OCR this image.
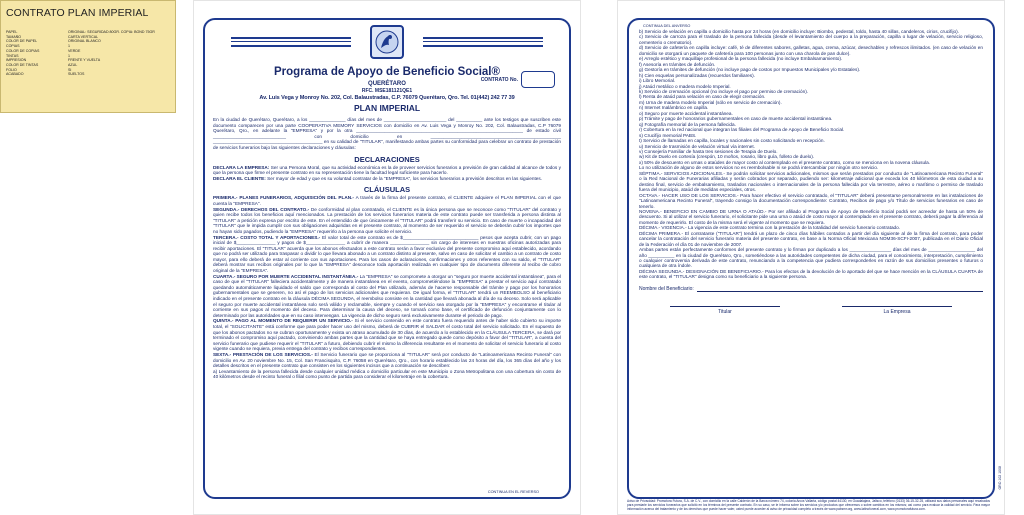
CONTRATO PLAN IMPERIAL
PAPEL	ORIGINAL: SEGURIDAD 80GR. COPIA: BOND 75GR
TAMAÑO	CARTA VERTICAL
COLOR DE PAPEL	ORIGINAL BLANCO
COPIAS	1
COLOR DE COPIAS	VERDE
TINTAS	1
IMPRESIÓN	FRENTE Y VUELTA
COLOR DE TINTAS	AZUL
FOLIO	SI
ACABADO	SUELTOS	Programa de Apoyo de Beneficio Social®
QUERÉTARO
RFC. MSE181121QE1
Av. Luis Vega y Monroy No. 202, Col. Balaustradas, C.P. 76079 Querétaro, Qro. Tel. 01(442) 242 77 39
CONTRATO No.
PLAN IMPERIAL
En la ciudad de Querétaro, Querétaro, a los ______________ días del mes de ________________________ del __________ ante los testigos que suscriben este documento comparecen por una parte COOPERATIVA MEMORY SERVICIOS con domicilio en Av. Luis Vega y Monroy No. 202, Col. Balaustradas, C.P 76079 Querétaro, Qro., en adelante la "EMPRESA" y por la otra ________________________________________________________________ de estado civil ____________________________ con domicilio en __________________________________________________ __________________________________________ en su calidad de "TITULAR", manifestando ambas partes su conformidad para celebrar un contrato de prestación de servicios funerarios bajo las siguientes declaraciones y cláusulas:
DECLARACIONES
DECLARA LA EMPRESA: Ser una Persona Moral, que su actividad económica es la de proveer servicios funerarios a previsión de gran calidad al alcance de todos y que la persona que firme el presente contrato en su representación tiene la facultad legal suficiente para hacerlo.
DECLARA EL CLIENTE: Ser mayor de edad y que es su voluntad contratar de la "EMPRESA", los servicios funerarios a previsión descritos en las siguientes.
CLÁUSULAS
PRIMERA.- PLANES FUNERARIOS, ADQUISICIÓN DEL PLAN.- A través de la firma del presente contrato, el CLIENTE adquiere el PLAN IMPERIAL con el que cuenta la "EMPRESA".
SEGUNDA.- DERECHOS DEL CONTRATO.- De conformidad al plan contratado, el CLIENTE es la única persona que se reconoce como "TITULAR" del contrato y quien recibe todos los beneficios aquí mencionados. La prestación de los servicios funerarios materia de este contrato puede ser transferida a persona distinta al "TITULAR" a petición expresa por escrito de este. En el entendido de que únicamente el "TITULAR" podrá transferir su servicio. En caso de muerte o incapacidad del "TITULAR" que le impida cumplir con sus obligaciones adquiridas en el presente contrato, al momento de ser requerido el servicio se deberán cubrir los importes que no hayan sido pagados, pudiendo la "EMPRESA" requerirlo a la persona que solicite el servicio.
TERCERA.- COSTO TOTAL Y APORTACIONES.- El valor total de este contrato es de $_____________________________ pesos que acepta cubrir, con un pago inicial de $_______________ y pagos de $_______________ a cubrir de manera _______________ sin cargo de intereses en nuestras oficinas autorizadas para recibir aportaciones. El "TITULAR" acuerda que los abonos efectuados a este contrato serán a favor exclusivo del presente compromiso aquí establecido, acordando que no podrá ser utilizado para traspasar o dividir lo que llevara abonado a un contrato distinto al presente, salvo en caso de solicitar el cambio a un contrato de costo mayor, para ello deberá de estar al corriente con sus aportaciones. Para los casos de aclaraciones, confirmaciones y otros referentes con su saldo, el "TITULAR" deberá mostrar sus recibos originales por lo que la "EMPRESA" desconoce toda aportación realizada en cualquier tipo de documento diferente al recibo de cobro original de la "EMPRESA".
CUARTA.- SEGURO POR MUERTE ACCIDENTAL INSTANTÁNEA.- La "EMPRESA" se compromete a otorgar un "seguro por muerte accidental instantánea", para el caso de que el "TITULAR" falleciera accidentalmente y de manera instantánea en el evento, comprometiéndose la "EMPRESA" a prestar el servicio aquí contratado quedando automáticamente liquidado el saldo que corresponda al costo del Plan utilizado, además de hacerse responsable del trámite y pago por los honorarios gubernamentales que se generen, no así el pago de los servicios adicionales que requieran. De igual forma, el "TITULAR" tendrá un REEMBOLSO al beneficiario indicado en el presente contrato en la cláusula DÉCIMA SEGUNDA, el reembolso consiste en la cantidad que llevará abonada al día de su deceso. Solo será aplicable el seguro por muerte accidental instantánea solo será válido y reclamable, siempre y cuando el servicio sea otorgado por la "EMPRESA" y encontrarse el titular al corriente en sus pagos al momento del deceso. Para determinar la causa del deceso, se tomará como base, el certificado de defunción conjuntamente con lo determinado por las autoridades que en su caso intervengan. La vigencia de dicho seguro será exclusivamente durante el periodo de pago.
QUINTA.- PAGO AL MOMENTO DE REQUERIR UN SERVICIO.- Si el servicio contenido en este contrato fuera requerido antes de haber sido cubierto su importe total, el "SOLICITANTE" está conforme que para poder hacer uso del mismo, deberá de CUBRIR el SALDAR el costo total del servicio solicitado. En el supuesto de que los abonos pactados no se cubran oportunamente y exista un atraso acumulado de 30 días, de acuerdo a lo establecido en la CLÁUSULA TERCERA, se dará por terminado el compromiso aquí pactado, conviniendo ambas partes que la cantidad que se haya entregado quede como depósito a favor del "TITULAR", a cuenta del servicio funerario que pudiese requerir el "TITULAR" a futuro, debiendo cubrir el mismo la diferencia resultante en el momento de solicitar el servicio funerario al costo vigente cuando se requiera, previa entrega del contrato y recibos correspondientes.
SEXTA.- PRESTACIÓN DE LOS SERVICIOS.- El Servicio funerario que se proporciona al "TITULAR" será por conducto de "Latinoamericana Recinto Funeral" con domicilio en Av. 20 noviembre No. 15, Col. San Francisquito, C.P. 76058 en Querétaro, Qro., con horario establecido las 24 horas del día, los 365 días del año y los detalles descritos en el presente contrato que consisten en los siguientes incisos que a continuación se describen:
a) Levantamiento de la persona fallecida desde cualquier unidad médica o domicilio particular en este Municipio o Zona Metropolitana con una cobertura sin costo de 40 kilómetros desde el recinto funeral o filial como punto de partida para considerar el kilometraje en la cobertura.
CONTINUA EN EL REVERSO
CONTINUA DEL ANVERSO
b) Servicio de velación en capilla o domicilio hasta por 24 horas (en domicilio incluye: Biombo, pedestal, toldo, hasta 40 sillas, candeleros, cirios, crucifijo).
c) Servicio de carroza para el traslado de la persona fallecida (desde el levantamiento del cuerpo a la preparación, capilla o lugar de velación, servicio religioso, cementerio o crematorio).
d) Servicio de cafetería en capilla incluye: café, té de diferentes sabores, galletas, agua, crema, azúcar, desechables y refrescos ilimitados. (en caso de velación en domicilio se otorgará un paquete de cafetería para 100 personas junto con una charola de pan dulce).
e) Arreglo estético y maquillaje profesional de la persona fallecida (no incluye Embalsamamiento).
f) Asesoría en trámites de defunción.
g) Gestoría en trámites de defunción (no incluye pago de costos por Impuestos Municipales y/o Estatales).
h) Cien esquelas personalizadas (recuerdos familiares).
i) Libro Memorial.
j) Ataúd metálico o madera modelo Imperial.
k) Servicio de cremación opcional (no incluye el pago por permiso de cremación).
l) Renta de ataúd para velación en caso de elegir cremación.
m) Urna de madera modelo Imperial (sólo en servicio de cremación).
n) Internet Inalámbrico en capilla.
o) Seguro por muerte accidental instantánea.
p) Trámite y pago de honorarios gubernamentales en caso de muerte accidental instantánea.
q) Fotografía memorial de la persona fallecida.
r) Cobertura en la red nacional que integran las filiales del Programa de Apoyo de Beneficio Social.
s) Crucifijo memorial PABS.
t) Servicio de llamadas en capilla, locales y nacionales sin costo solicitando en recepción.
u) Servicio de trasmisión de velación virtual vía internet.
v) Consejería Familiar de hasta tres sesiones de Terapia de Duelo.
w) Kit de Duelo en cortesía (crespón, 10 moños, rosario, libro guía, folleto de duelo).
x) 50% de descuento en urnas o ataúdes de mayor costo al contemplado en el presente contrato, como se menciona en la novena cláusula.
Lo no utilización de alguno de estos servicios no es reembolsable ni se podrá intercambiar por ningún otro servicio.
SÉPTIMA.- SERVICIOS ADICIONALES.- Se podrán solicitar servicios adicionales, mismos que serán prestados por conducto de "Latinoamericana Recinto Funeral" o la Red Nacional de Funerarias afiliadas y serán cobrados por separado, pudiendo ser: kilometraje adicional que exceda los 40 kilómetros de esta ciudad a su destino final, servicio de embalsamiento, traslados nacionales o internacionales de la persona fallecida por vía terrestre, aéreo o marítimo o permiso de traslado fuera del municipio, ataúd de medidas especiales, otros.
OCTAVA.- HACER USO DE LOS SERVICIOS.- Para hacer efectivo el servicio contratado, el "TITULAR" deberá presentarse personalmente en las instalaciones de "Latinoamericana Recinto Funeral", trayendo consigo la documentación correspondiente: Contrato, Recibos de pago y/o Título de servicios funerarios en caso de tenerlo.
NOVENA.- BENEFICIO EN CAMBIO DE URNA O ATAÚD.- Por ser afiliado al Programa de Apoyo de Beneficio Social podrá ser acreedor de hasta un 50% de descuento. Si al utilizar el servicio funerario, el solicitante pide una urna o ataúd de costo mayor al contemplado en el presente contrato, deberá pagar la diferencia al momento de requerirlo. El costo de la misma será el vigente al momento que se requiera.
DÉCIMA.- VIGENCIA.- La vigencia de este contrato termina con la prestación de la totalidad del servicio funerario contratado.
DÉCIMA PRIMERA.- El contratante ("TITULAR") tendrá un plazo de cinco días hábiles contados a partir del día siguiente al de la firma del contrato, para poder cancelar la contratación del servicio funerario materia del presente contrato, en base a la Norma Oficial Mexicana NOM36-SCFI-2007, publicada en el Diario Oficial de la Federación el día 01 de noviembre de 2007.
Ambas partes están perfectamente conformes del presente contrato y lo firman por duplicado a los ________________ días del mes de __________________ del año __________ en la ciudad de Querétaro, Qro., sometiéndose a las autoridades competentes de dicha ciudad, para el conocimiento, interpretación, cumplimiento o cualquier controversia derivada de este contrato, renunciando a la competencia que pudiera corresponderles en razón de sus domicilios presentes o futuros o cualquiera de otra índole.
DÉCIMA SEGUNDA.- DESIGNACIÓN DE BENEFICIARIO.- Para los efectos de la devolución de lo aportado del que se hace mención en la CLÁUSULA CUARTA de este contrato, el "TITULAR" designa como su beneficiario a la siguiente persona.
Nombre del Beneficiario:
Titular	La Empresa
Aviso de Privacidad: Promotora Futura, S.A. de C.V., con domicilio en la calle Calderón de la Barca número 74, colonia Arcos Vallarta, código postal 44130, en Guadalajara, Jalisco, teléfono (0133) 36-15-32-25, utilizará sus datos personales aquí recabados para prestarle los servicios funerarios que solicitó en los términos del presente contrato. En su caso, se le informa sobre los servicios y/o productos que ofrecemos o sobre cambios en los mismos; así como para evaluar la calidad del servicio. Para mayor información acerca del tratamiento y de los derechos que puede hacer valer, usted puede acceder al aviso de privacidad completo a través de www.pabsmr.org, www.latinofuneral.com, www.promotorafutura.com.
GRO 102 1008
